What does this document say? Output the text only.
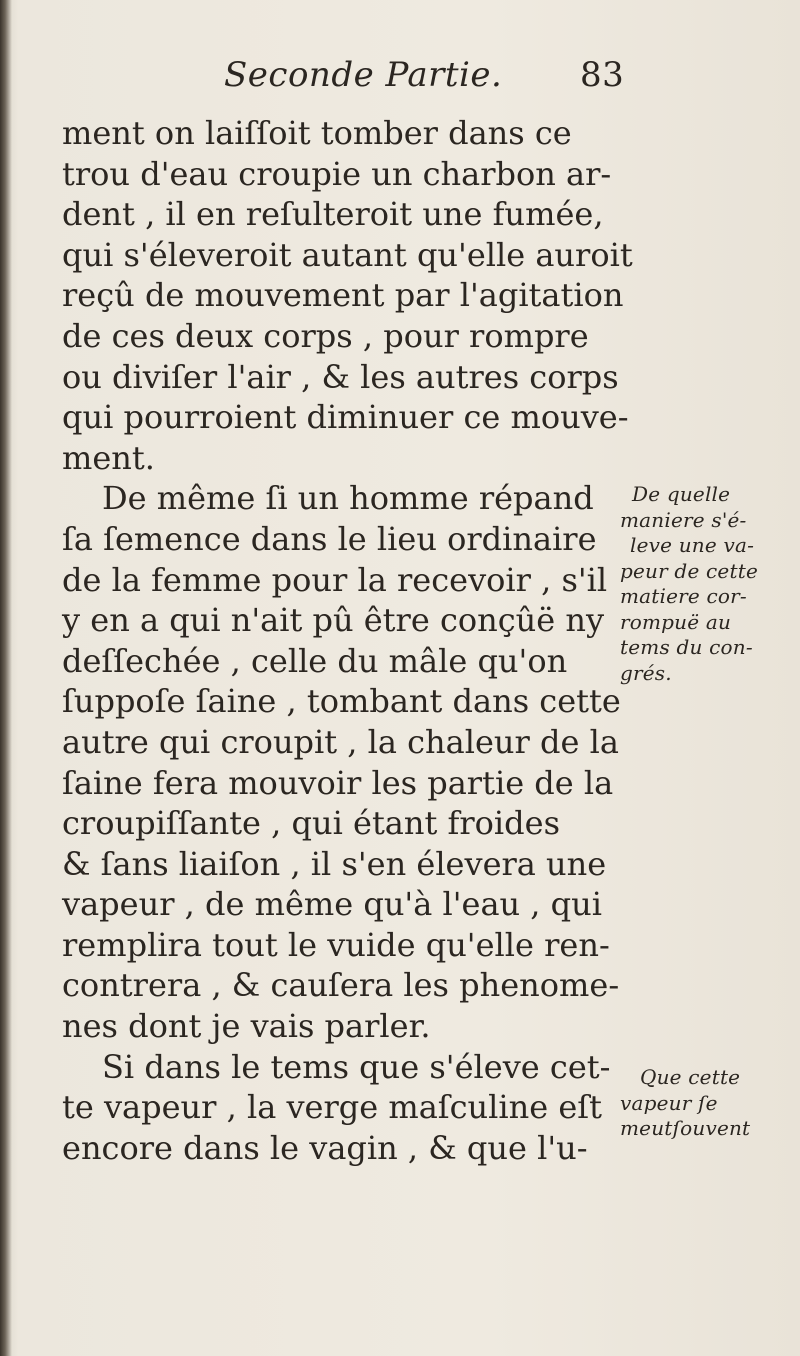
Seconde Partie. 83
ment on laiſſoit tomber dans ce
trou d'eau croupie un charbon ar-
dent , il en reſulteroit une fumée,
qui s'éleveroit autant qu'elle auroit
reçû de mouvement par l'agitation
de ces deux corps , pour rompre
ou diviſer l'air , & les autres corps
qui pourroient diminuer ce mouve-
ment.
De même ſi un homme répand
ſa ſemence dans le lieu ordinaire
de la femme pour la recevoir , s'il
y en a qui n'ait pû être conçûë ny
deſſechée , celle du mâle qu'on
ſuppoſe ſaine , tombant dans cette
autre qui croupit , la chaleur de la
ſaine fera mouvoir les partie de la
croupiſſante , qui étant froides
& ſans liaiſon , il s'en élevera une
vapeur , de même qu'à l'eau , qui
remplira tout le vuide qu'elle ren-
contrera , & cauſera les phenome-
nes dont je vais parler.
Si dans le tems que s'éleve cet-
te vapeur , la verge maſculine eſt
encore dans le vagin , & que l'u-
De quelle
maniere s'é-
leve une va-
peur de cette
matiere cor-
rompuë au
tems du con-
grés.
Que cette
vapeur ſe
meutſouvent
